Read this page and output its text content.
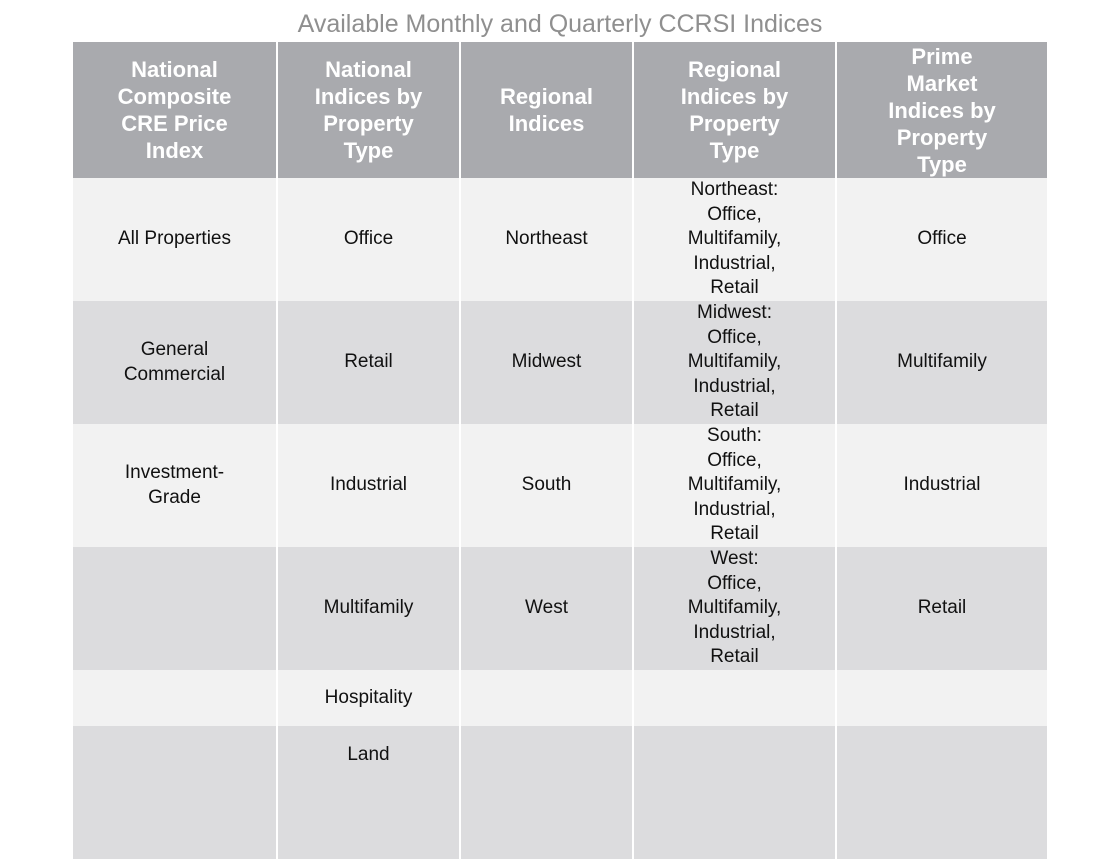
Available Monthly and Quarterly CCRSI Indices
National
Composite
CRE Price
Index	National
Indices by
Property
Type	Regional
Indices	Regional
Indices by
Property
Type	Prime
Market
Indices by
Property
Type
All Properties	Office	Northeast	Northeast:
Office,
Multifamily,
Industrial,
Retail	Office
General
Commercial	Retail	Midwest	Midwest:
Office,
Multifamily,
Industrial,
Retail	Multifamily
Investment-
Grade	Industrial	South	South:
Office,
Multifamily,
Industrial,
Retail	Industrial
	Multifamily	West	West:
Office,
Multifamily,
Industrial,
Retail	Retail
	Hospitality			
	Land			
